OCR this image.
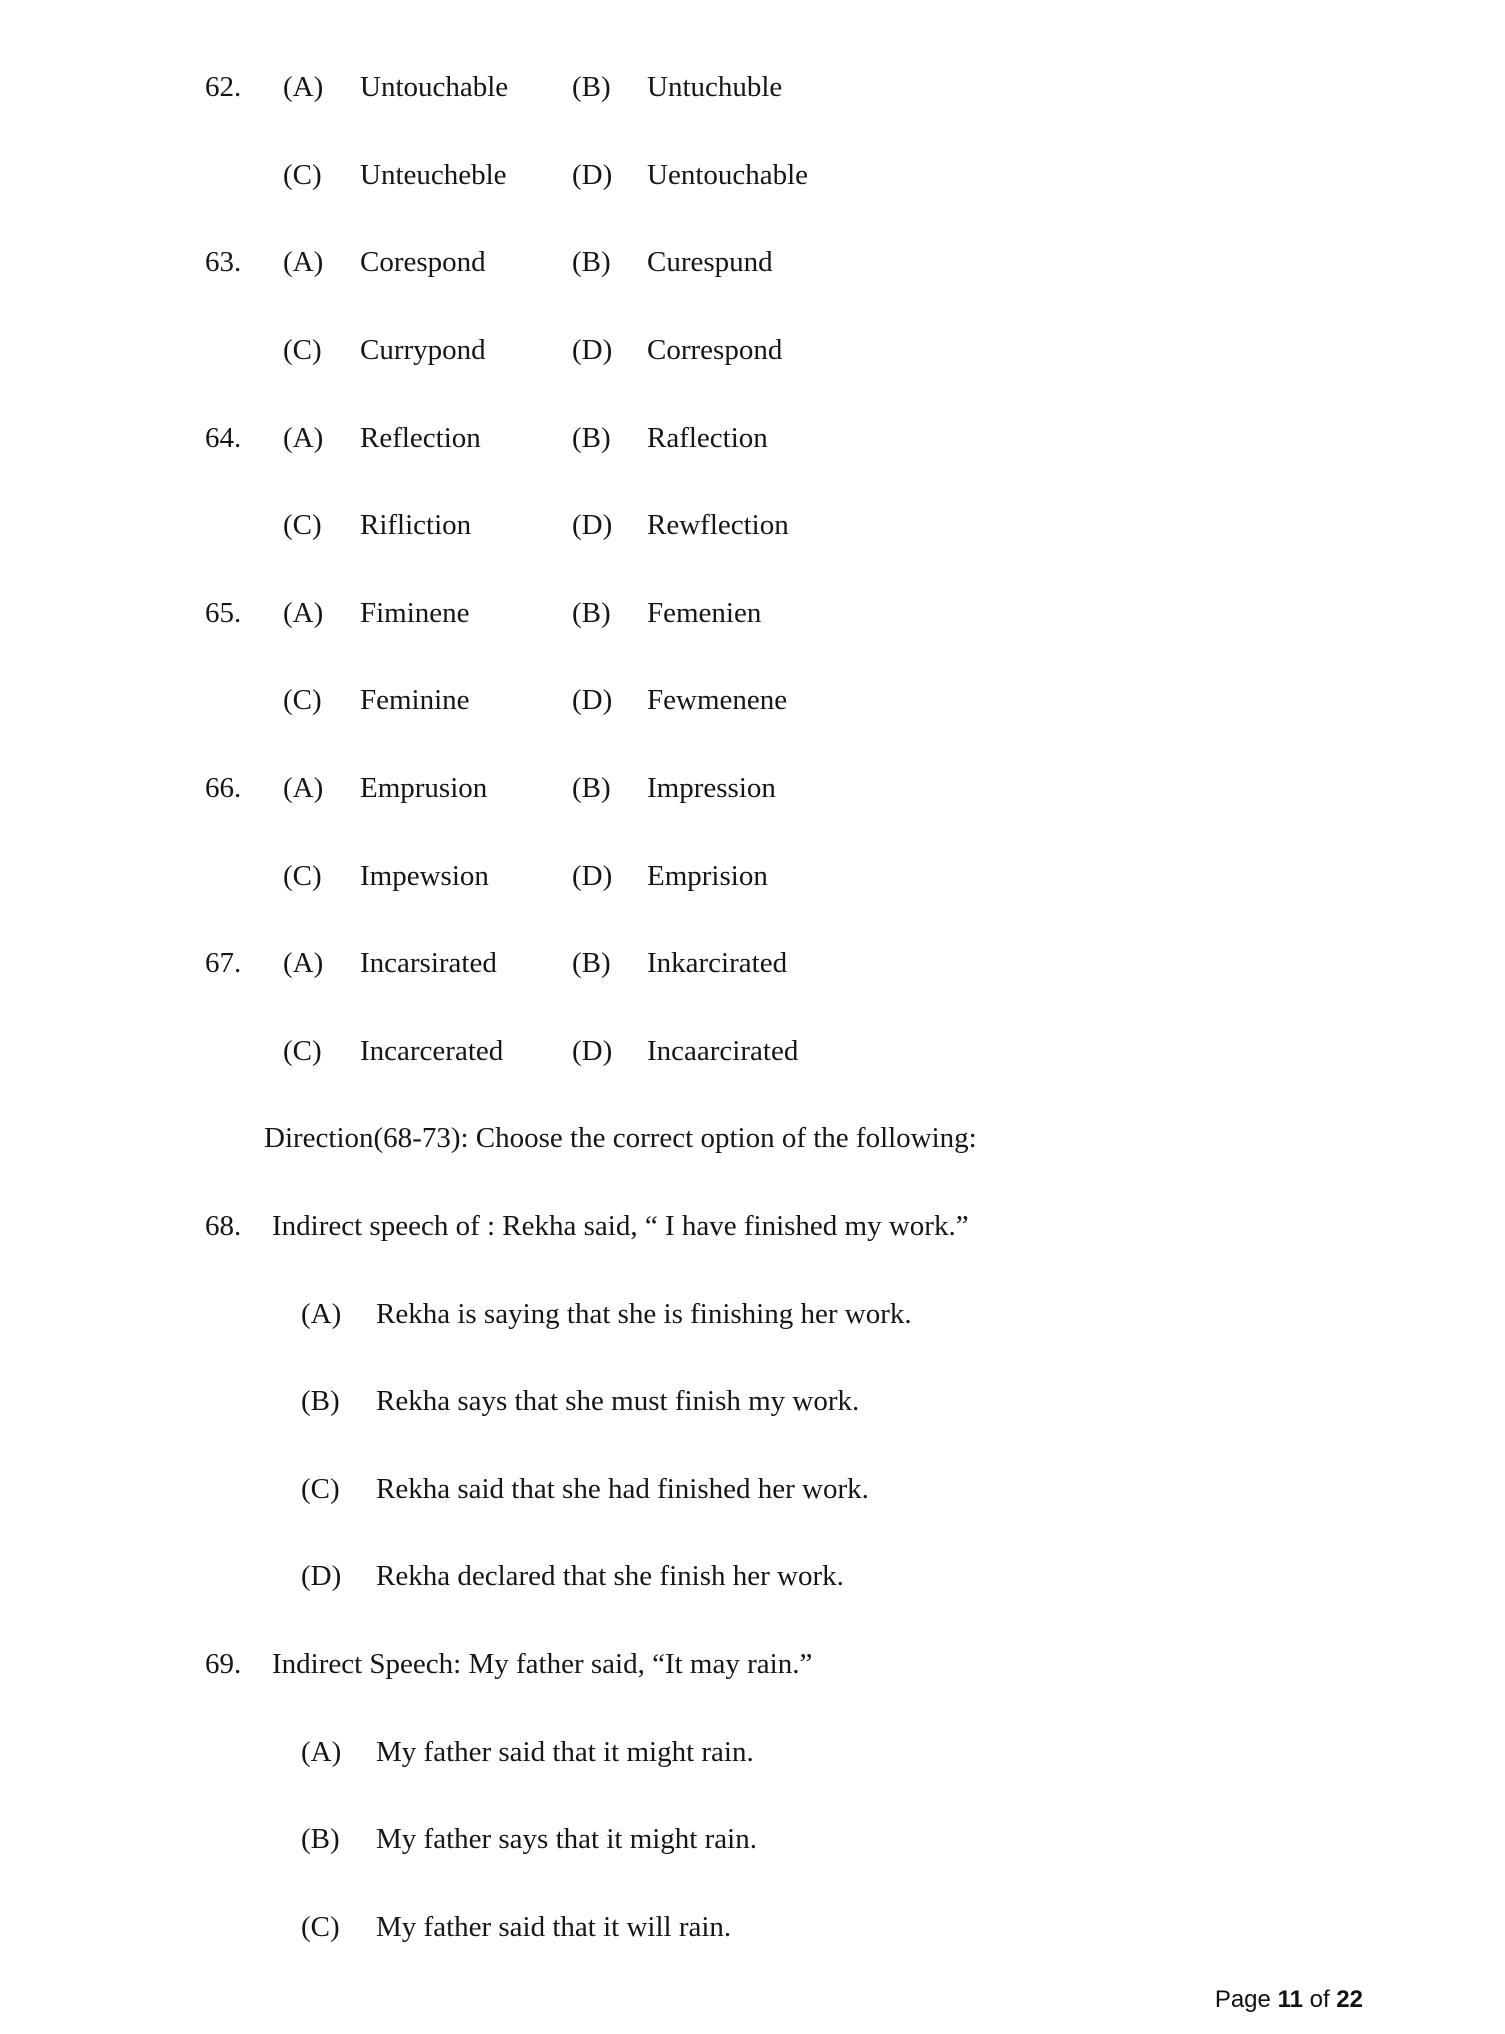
62.	(A)	Untouchable	(B)	Untuchuble
(C)	Unteucheble	(D)	Uentouchable
63.	(A)	Corespond	(B)	Curespund
(C)	Currypond	(D)	Correspond
64.	(A)	Reflection	(B)	Raflection
(C)	Rifliction	(D)	Rewflection
65.	(A)	Fiminene	(B)	Femenien
(C)	Feminine	(D)	Fewmenene
66.	(A)	Emprusion	(B)	Impression
(C)	Impewsion	(D)	Emprision
67.	(A)	Incarsirated	(B)	Inkarcirated
(C)	Incarcerated	(D)	Incaarcirated
Direction(68-73): Choose the correct option of the following:
68.	Indirect speech of : Rekha said, “ I have finished my work.”
(A)	Rekha is saying that she is finishing her work.
(B)	Rekha says that she must finish my work.
(C)	Rekha said that she had finished her work.
(D)	Rekha declared that she finish her work.
69.	Indirect Speech: My father said, “It may rain.”
(A)	My father said that it might rain.
(B)	My father says that it might rain.
(C)	My father said that it will rain.
Page 11 of 22
